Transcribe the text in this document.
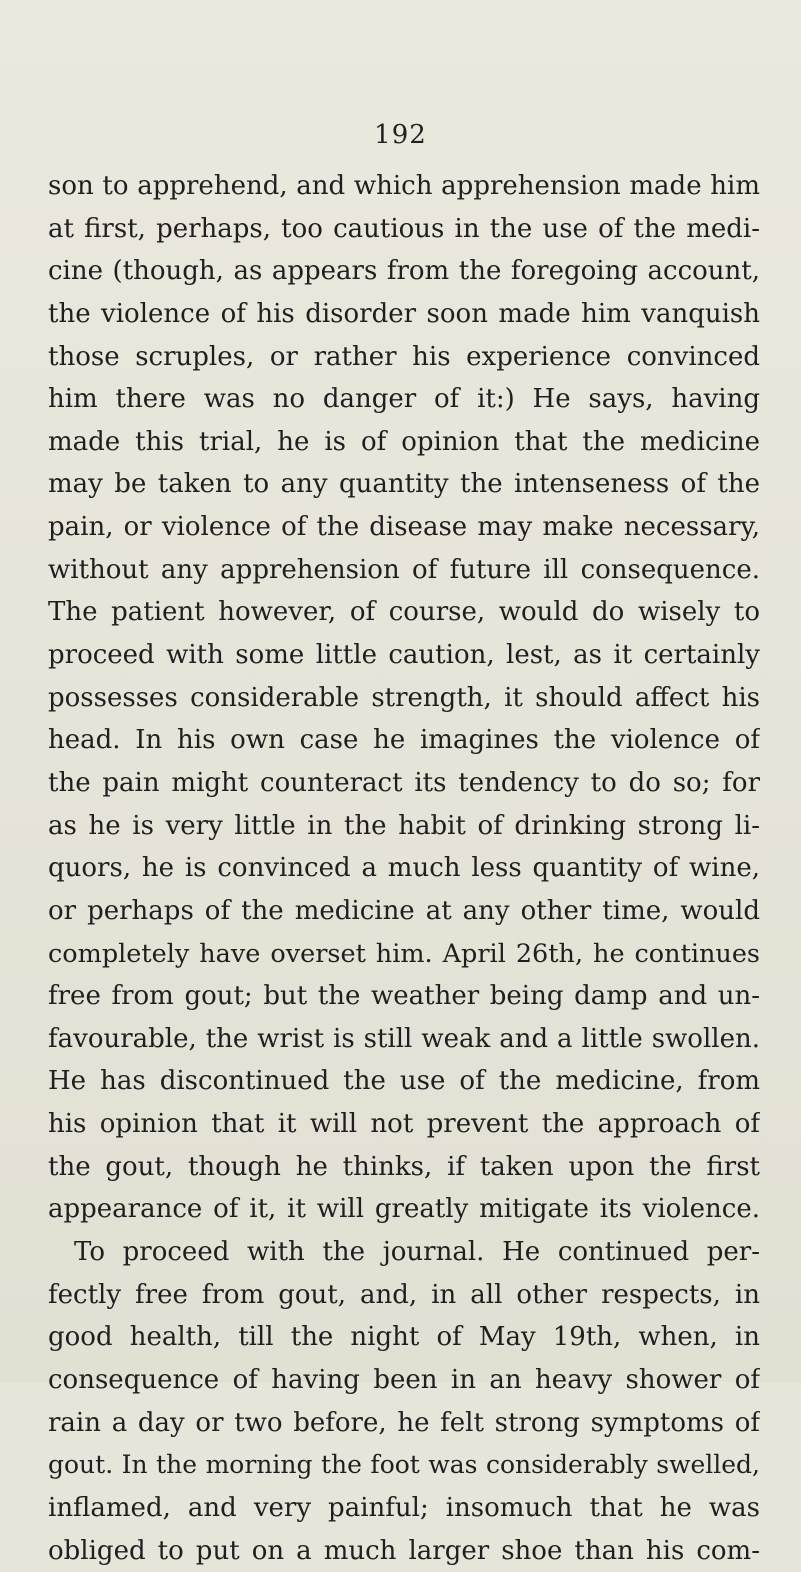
192
son to apprehend, and which apprehension made him
at first, perhaps, too cautious in the use of the medi-
cine (though, as appears from the foregoing account,
the violence of his disorder soon made him vanquish
those scruples, or rather his experience convinced
him there was no danger of it:) He says, having
made this trial, he is of opinion that the medicine
may be taken to any quantity the intenseness of the
pain, or violence of the disease may make necessary,
without any apprehension of future ill consequence.
The patient however, of course, would do wisely to
proceed with some little caution, lest, as it certainly
possesses considerable strength, it should affect his
head. In his own case he imagines the violence of
the pain might counteract its tendency to do so; for
as he is very little in the habit of drinking strong li-
quors, he is convinced a much less quantity of wine,
or perhaps of the medicine at any other time, would
completely have overset him. April 26th, he continues
free from gout; but the weather being damp and un-
favourable, the wrist is still weak and a little swollen.
He has discontinued the use of the medicine, from
his opinion that it will not prevent the approach of
the gout, though he thinks, if taken upon the first
appearance of it, it will greatly mitigate its violence.
To proceed with the journal. He continued per-
fectly free from gout, and, in all other respects, in
good health, till the night of May 19th, when, in
consequence of having been in an heavy shower of
rain a day or two before, he felt strong symptoms of
gout. In the morning the foot was considerably swelled,
inflamed, and very painful; insomuch that he was
obliged to put on a much larger shoe than his com-
